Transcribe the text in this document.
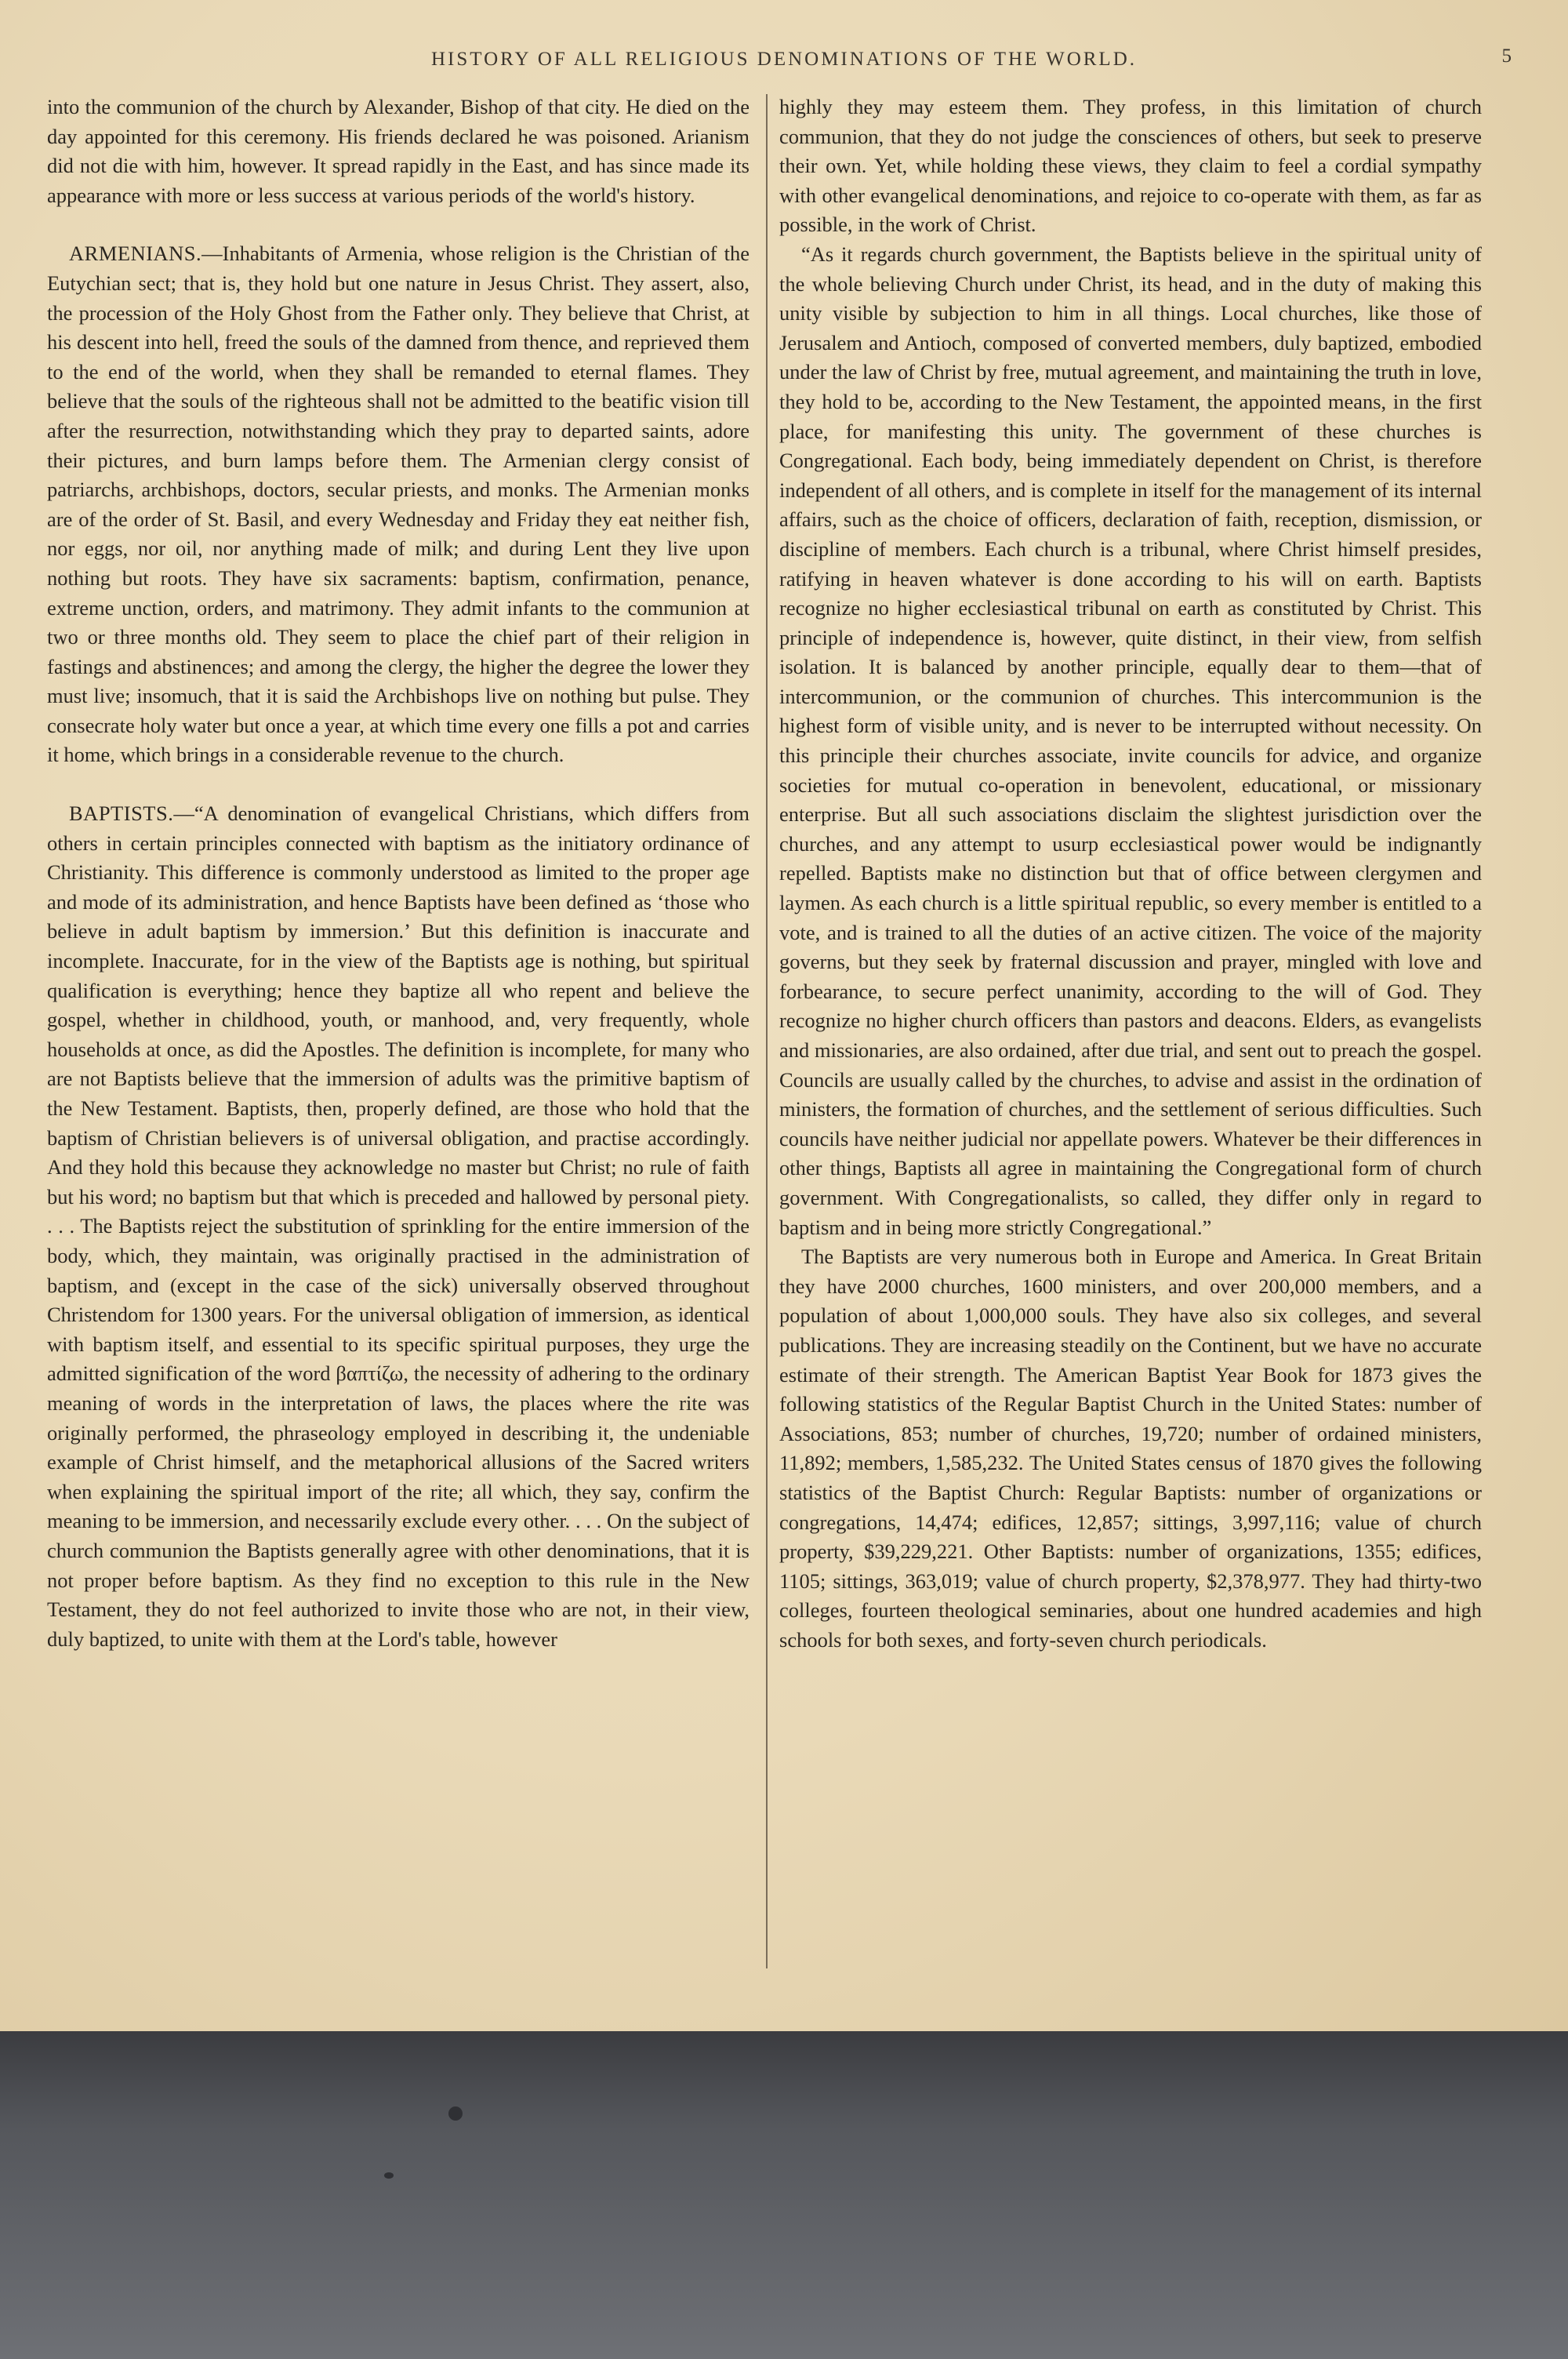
HISTORY OF ALL RELIGIOUS DENOMINATIONS OF THE WORLD.	5

into the communion of the church by Alexander, Bishop of that city. He died on the day appointed for this ceremony. His friends declared he was poisoned. Arianism did not die with him, however. It spread rapidly in the East, and has since made its appearance with more or less success at various periods of the world's history.

ARMENIANS.—Inhabitants of Armenia, whose religion is the Christian of the Eutychian sect; that is, they hold but one nature in Jesus Christ. They assert, also, the procession of the Holy Ghost from the Father only. They believe that Christ, at his descent into hell, freed the souls of the damned from thence, and reprieved them to the end of the world, when they shall be remanded to eternal flames. They believe that the souls of the righteous shall not be admitted to the beatific vision till after the resurrection, notwithstanding which they pray to departed saints, adore their pictures, and burn lamps before them. The Armenian clergy consist of patriarchs, archbishops, doctors, secular priests, and monks. The Armenian monks are of the order of St. Basil, and every Wednesday and Friday they eat neither fish, nor eggs, nor oil, nor anything made of milk; and during Lent they live upon nothing but roots. They have six sacraments: baptism, confirmation, penance, extreme unction, orders, and matrimony. They admit infants to the communion at two or three months old. They seem to place the chief part of their religion in fastings and abstinences; and among the clergy, the higher the degree the lower they must live; insomuch, that it is said the Archbishops live on nothing but pulse. They consecrate holy water but once a year, at which time every one fills a pot and carries it home, which brings in a considerable revenue to the church.

BAPTISTS.—“A denomination of evangelical Christians, which differs from others in certain principles connected with baptism as the initiatory ordinance of Christianity. This difference is commonly understood as limited to the proper age and mode of its administration, and hence Baptists have been defined as ‘those who believe in adult baptism by immersion.’ But this definition is inaccurate and incomplete. Inaccurate, for in the view of the Baptists age is nothing, but spiritual qualification is everything; hence they baptize all who repent and believe the gospel, whether in childhood, youth, or manhood, and, very frequently, whole households at once, as did the Apostles. The definition is incomplete, for many who are not Baptists believe that the immersion of adults was the primitive baptism of the New Testament. Baptists, then, properly defined, are those who hold that the baptism of Christian believers is of universal obligation, and practise accordingly. And they hold this because they acknowledge no master but Christ; no rule of faith but his word; no baptism but that which is preceded and hallowed by personal piety. . . . The Baptists reject the substitution of sprinkling for the entire immersion of the body, which, they maintain, was originally practised in the administration of baptism, and (except in the case of the sick) universally observed throughout Christendom for 1300 years. For the universal obligation of immersion, as identical with baptism itself, and essential to its specific spiritual purposes, they urge the admitted signification of the word βαπτίζω, the necessity of adhering to the ordinary meaning of words in the interpretation of laws, the places where the rite was originally performed, the phraseology employed in describing it, the undeniable example of Christ himself, and the metaphorical allusions of the Sacred writers when explaining the spiritual import of the rite; all which, they say, confirm the meaning to be immersion, and necessarily exclude every other. . . . On the subject of church communion the Baptists generally agree with other denominations, that it is not proper before baptism. As they find no exception to this rule in the New Testament, they do not feel authorized to invite those who are not, in their view, duly baptized, to unite with them at the Lord's table, however

highly they may esteem them. They profess, in this limitation of church communion, that they do not judge the consciences of others, but seek to preserve their own. Yet, while holding these views, they claim to feel a cordial sympathy with other evangelical denominations, and rejoice to co-operate with them, as far as possible, in the work of Christ.

“As it regards church government, the Baptists believe in the spiritual unity of the whole believing Church under Christ, its head, and in the duty of making this unity visible by subjection to him in all things. Local churches, like those of Jerusalem and Antioch, composed of converted members, duly baptized, embodied under the law of Christ by free, mutual agreement, and maintaining the truth in love, they hold to be, according to the New Testament, the appointed means, in the first place, for manifesting this unity. The government of these churches is Congregational. Each body, being immediately dependent on Christ, is therefore independent of all others, and is complete in itself for the management of its internal affairs, such as the choice of officers, declaration of faith, reception, dismission, or discipline of members. Each church is a tribunal, where Christ himself presides, ratifying in heaven whatever is done according to his will on earth. Baptists recognize no higher ecclesiastical tribunal on earth as constituted by Christ. This principle of independence is, however, quite distinct, in their view, from selfish isolation. It is balanced by another principle, equally dear to them—that of intercommunion, or the communion of churches. This intercommunion is the highest form of visible unity, and is never to be interrupted without necessity. On this principle their churches associate, invite councils for advice, and organize societies for mutual co-operation in benevolent, educational, or missionary enterprise. But all such associations disclaim the slightest jurisdiction over the churches, and any attempt to usurp ecclesiastical power would be indignantly repelled. Baptists make no distinction but that of office between clergymen and laymen. As each church is a little spiritual republic, so every member is entitled to a vote, and is trained to all the duties of an active citizen. The voice of the majority governs, but they seek by fraternal discussion and prayer, mingled with love and forbearance, to secure perfect unanimity, according to the will of God. They recognize no higher church officers than pastors and deacons. Elders, as evangelists and missionaries, are also ordained, after due trial, and sent out to preach the gospel. Councils are usually called by the churches, to advise and assist in the ordination of ministers, the formation of churches, and the settlement of serious difficulties. Such councils have neither judicial nor appellate powers. Whatever be their differences in other things, Baptists all agree in maintaining the Congregational form of church government. With Congregationalists, so called, they differ only in regard to baptism and in being more strictly Congregational.”

The Baptists are very numerous both in Europe and America. In Great Britain they have 2000 churches, 1600 ministers, and over 200,000 members, and a population of about 1,000,000 souls. They have also six colleges, and several publications. They are increasing steadily on the Continent, but we have no accurate estimate of their strength. The American Baptist Year Book for 1873 gives the following statistics of the Regular Baptist Church in the United States: number of Associations, 853; number of churches, 19,720; number of ordained ministers, 11,892; members, 1,585,232. The United States census of 1870 gives the following statistics of the Baptist Church: Regular Baptists: number of organizations or congregations, 14,474; edifices, 12,857; sittings, 3,997,116; value of church property, $39,229,221. Other Baptists: number of organizations, 1355; edifices, 1105; sittings, 363,019; value of church property, $2,378,977. They had thirty-two colleges, fourteen theological seminaries, about one hundred academies and high schools for both sexes, and forty-seven church periodicals.
